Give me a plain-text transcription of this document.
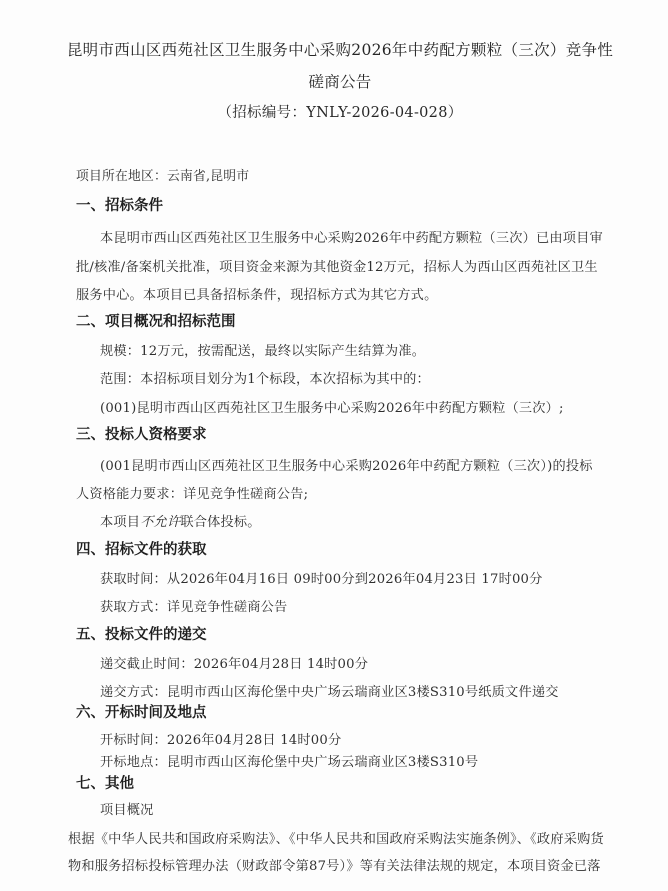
昆明市西山区西苑社区卫生服务中心采购2026年中药配方颗粒（三次）竞争性
磋商公告
（招标编号：YNLY-2026-04-028）
项目所在地区：云南省,昆明市
一、招标条件
本昆明市西山区西苑社区卫生服务中心采购2026年中药配方颗粒（三次）已由项目审
批/核准/备案机关批准，项目资金来源为其他资金12万元，招标人为西山区西苑社区卫生
服务中心。本项目已具备招标条件，现招标方式为其它方式。
二、项目概况和招标范围
规模：12万元，按需配送，最终以实际产生结算为准。
范围：本招标项目划分为1个标段，本次招标为其中的：
(001)昆明市西山区西苑社区卫生服务中心采购2026年中药配方颗粒（三次）;
三、投标人资格要求
(001昆明市西山区西苑社区卫生服务中心采购2026年中药配方颗粒（三次）)的投标
人资格能力要求：详见竞争性磋商公告;
本项目不允许联合体投标。
四、招标文件的获取
获取时间：从2026年04月16日 09时00分到2026年04月23日 17时00分
获取方式：详见竞争性磋商公告
五、投标文件的递交
递交截止时间：2026年04月28日 14时00分
递交方式：昆明市西山区海伦堡中央广场云瑞商业区3楼S310号纸质文件递交
六、开标时间及地点
开标时间：2026年04月28日 14时00分
开标地点：昆明市西山区海伦堡中央广场云瑞商业区3楼S310号
七、其他
项目概况
根据《中华人民共和国政府采购法》、《中华人民共和国政府采购法实施条例》、《政府采购货
物和服务招标投标管理办法（财政部令第87号）》等有关法律法规的规定，本项目资金已落
